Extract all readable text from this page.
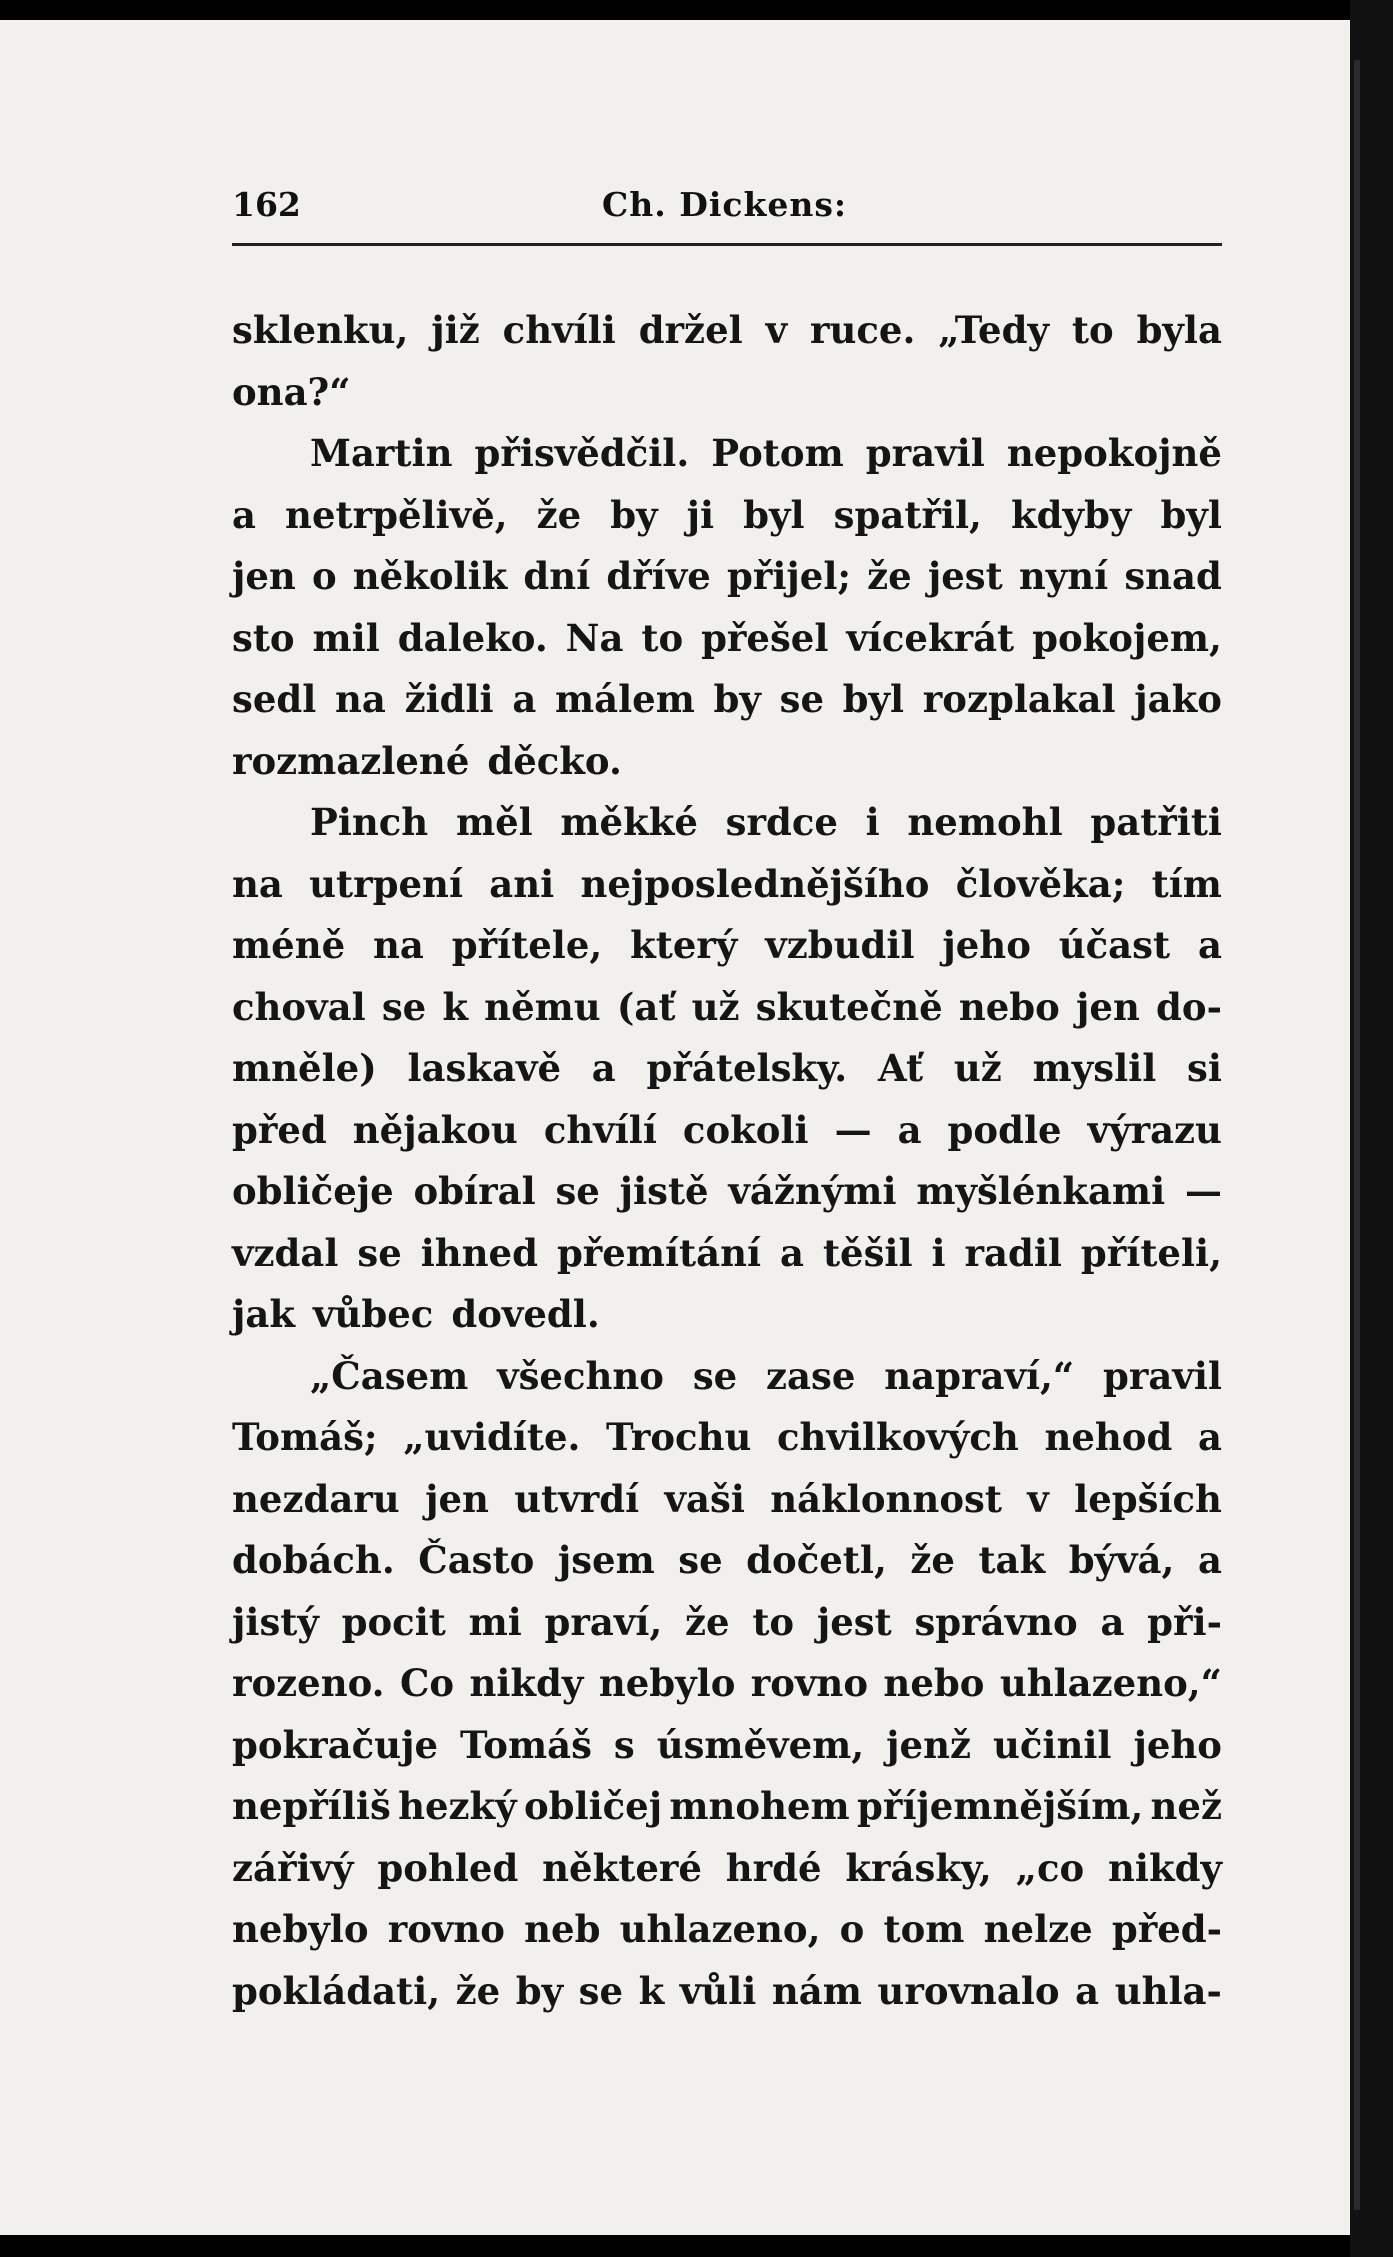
162	Ch. Dickens:
sklenku, již chvíli držel v ruce. „Tedy to byla
ona?“
Martin přisvědčil. Potom pravil nepokojně
a netrpělivě, že by ji byl spatřil, kdyby byl
jen o několik dní dříve přijel; že jest nyní snad
sto mil daleko. Na to přešel vícekrát pokojem,
sedl na židli a málem by se byl rozplakal jako
rozmazlené děcko.
Pinch měl měkké srdce i nemohl patřiti
na utrpení ani nejposlednějšího člověka; tím
méně na přítele, který vzbudil jeho účast a
choval se k němu (ať už skutečně nebo jen do-
mněle) laskavě a přátelsky. Ať už myslil si
před nějakou chvílí cokoli — a podle výrazu
obličeje obíral se jistě vážnými myšlénkami —
vzdal se ihned přemítání a těšil i radil příteli,
jak vůbec dovedl.
„Časem všechno se zase napraví,“ pravil
Tomáš; „uvidíte. Trochu chvilkových nehod a
nezdaru jen utvrdí vaši náklonnost v lepších
dobách. Často jsem se dočetl, že tak bývá, a
jistý pocit mi praví, že to jest správno a při-
rozeno. Co nikdy nebylo rovno nebo uhlazeno,“
pokračuje Tomáš s úsměvem, jenž učinil jeho
nepříliš hezký obličej mnohem příjemnějším, než
zářivý pohled některé hrdé krásky, „co nikdy
nebylo rovno neb uhlazeno, o tom nelze před-
pokládati, že by se k vůli nám urovnalo a uhla-
